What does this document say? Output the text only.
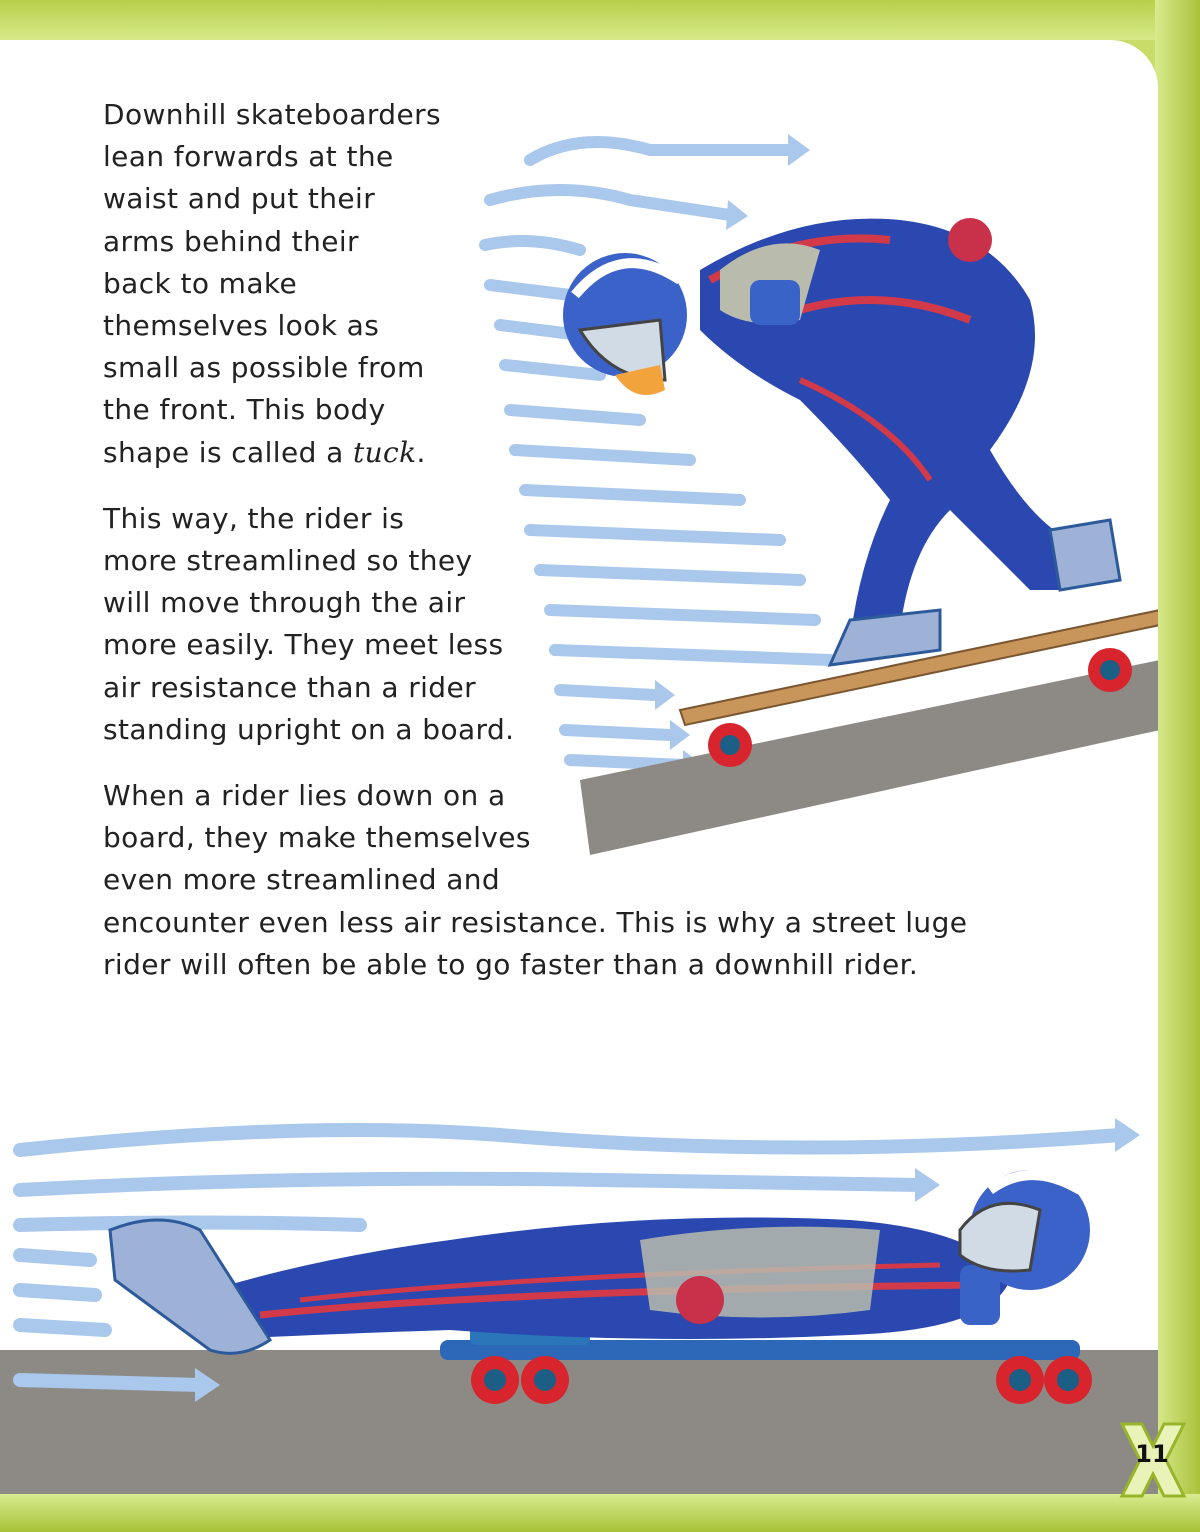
Downhill skateboarders
lean forwards at the
waist and put their
arms behind their
back to make
themselves look as
small as possible from
the front. This body
shape is called a tuck.

This way, the rider is
more streamlined so they
will move through the air
more easily. They meet less
air resistance than a rider
standing upright on a board.

When a rider lies down on a
board, they make themselves
even more streamlined and
encounter even less air resistance. This is why a street luge
rider will often be able to go faster than a downhill rider.

11
